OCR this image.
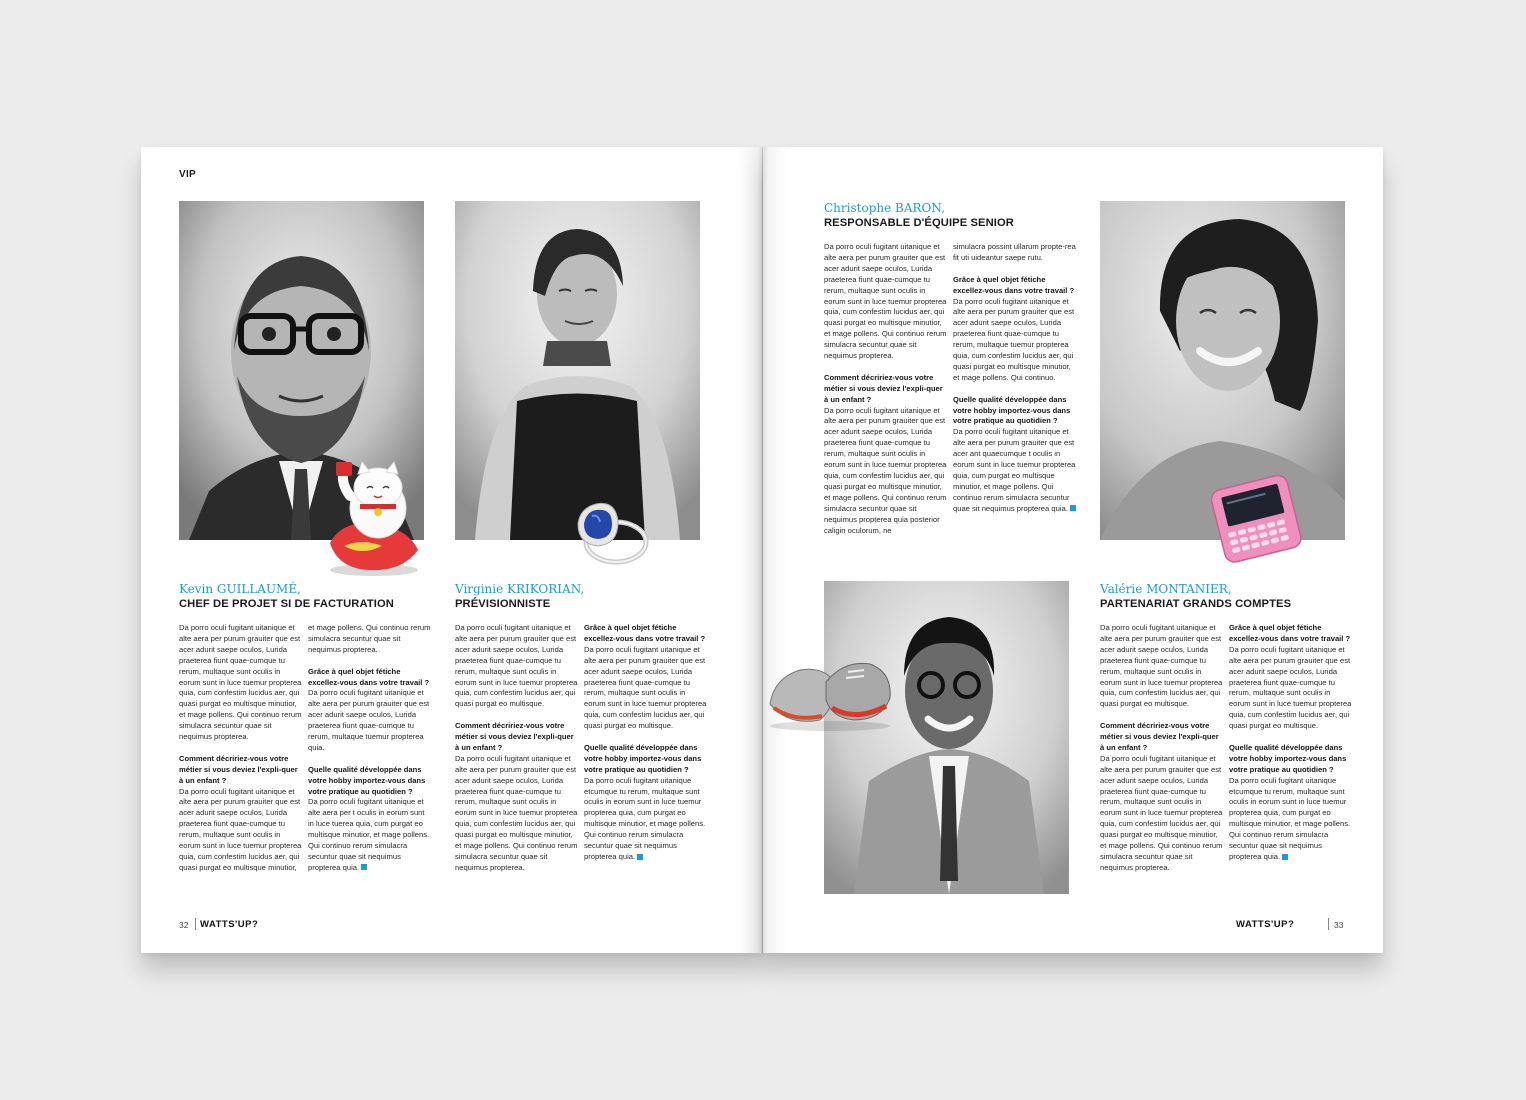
VIP
Kevin GUILLAUMÉ,
CHEF DE PROJET SI DE FACTURATION

Da porro oculi fugitant uitanique et alte aera per purum grauiter que est acer adurit saepe oculos, Lurida praeterea fiunt quae-cumque tu rerum, multaque sunt oculis in eorum sunt in luce tuemur propterea quia, cum confestim lucidus aer, qui quasi purgat eo multisque minutior, et mage pollens. Qui continuo rerum simulacra secuntur quae sit nequimus propterea.

Comment décririez-vous votre métier si vous deviez l'expli-quer à un enfant ?

Da porro oculi fugitant uitanique et alte aera per purum grauiter que est acer adurit saepe oculos, Lurida praeterea fiunt quae-cumque tu rerum, multaque sunt oculis in eorum sunt in luce tuemur propterea quia, cum confestim lucidus aer, qui quasi purgat eo multisque minutior,

et mage pollens. Qui continuo rerum simulacra secuntur quae sit nequimus propterea.

Grâce à quel objet fétiche excellez-vous dans votre travail ?

Da porro oculi fugitant uitanique et alte aera per purum grauiter que est acer adurit saepe oculos, Lurida praeterea fiunt quae-cumque tu rerum, multaque tuemur propterea quia.

Quelle qualité développée dans votre hobby importez-vous dans votre pratique au quotidien ?

Da porro oculi fugitant uitanique et alte aera per t oculis in eorum sunt in luce tuerea quia, cum purgat eo multisque minutior, et mage pollens. Qui continuo rerum simulacra secuntur quae sit nequimus propterea quia.

Virginie KRIKORIAN,
PRÉVISIONNISTE

Da porro oculi fugitant uitanique et alte aera per purum grauiter que est acer adurit saepe oculos, Lurida praeterea fiunt quae-cumque tu rerum, multaque sunt oculis in eorum sunt in luce tuemur propterea quia, cum confestim lucidus aer, qui quasi purgat eo multisque.

Comment décririez-vous votre métier si vous deviez l'expli-quer à un enfant ?

Da porro oculi fugitant uitanique et alte aera per purum grauiter que est acer adurit saepe oculos, Lurida praeterea fiunt quae-cumque tu rerum, multaque sunt oculis in eorum sunt in luce tuemur propterea quia, cum confestim lucidus aer, qui quasi purgat eo multisque minutior, et mage pollens. Qui continuo rerum simulacra secuntur quae sit nequimus propterea.

Grâce à quel objet fétiche excellez-vous dans votre travail ?

Da porro oculi fugitant uitanique et alte aera per purum grauiter que est acer adurit saepe oculos, Lurida praeterea fiunt quae-cumque tu rerum, multaque sunt oculis in eorum sunt in luce tuemur propterea quia, cum confestim lucidus aer, qui quasi purgat eo multisque.

Quelle qualité développée dans votre hobby importez-vous dans votre pratique au quotidien ?

Da porro oculi fugitant uitanique etcumque tu rerum, multaque sunt oculis in eorum sunt in luce tuemur propterea quia, cum purgat eo multisque minutior, et mage pollens. Qui continuo rerum simulacra secuntur quae sit nequimus propterea quia.

32 WATTS'UP?
Christophe BARON,
RESPONSABLE D'ÉQUIPE SENIOR

Da porro oculi fugitant uitanique et alte aera per purum grauiter que est acer adurit saepe oculos, Lurida praeterea fiunt quae-cumque tu rerum, multaque sunt oculis in eorum sunt in luce tuemur propterea quia, cum confestim lucidus aer, qui quasi purgat eo multisque minutior, et mage pollens. Qui continuo rerum simulacra secuntur quae sit nequimus propterea.

Comment décririez-vous votre métier si vous deviez l'expli-quer à un enfant ?

Da porro oculi fugitant uitanique et alte aera per purum grauiter que est acer adurit saepe oculos, Lurida praeterea fiunt quae-cumque tu rerum, multaque sunt oculis in eorum sunt in luce tuemur propterea quia, cum confestim lucidus aer, qui quasi purgat eo multisque minutior, et mage pollens. Qui continuo rerum simulacra secuntur quae sit nequimus propterea quia posterior caligin oculorum, ne

simulacra possint ullarum propte-rea fit uti uideantur saepe rutu.

Grâce à quel objet fétiche excellez-vous dans votre travail ?

Da porro oculi fugitant uitanique et alte aera per purum grauiter que est acer adurit saepe oculos, Lurida praeterea fiunt quae-cumque tu rerum, multaque tuemur propterea quia, cum confestim lucidus aer, qui quasi purgat eo multisque minutior, et mage pollens. Qui continuo.

Quelle qualité développée dans votre hobby importez-vous dans votre pratique au quotidien ?

Da porro oculi fugitant uitanique et alte aera per purum grauiter que est acer ant quaecumque t oculis in eorum sunt in luce tuemur propterea quia, cum purgat eo multisque minutior, et mage pollens. Qui continuo rerum simulacra secuntur quae sit nequimus propterea quia.

Valérie MONTANIER,
PARTENARIAT GRANDS COMPTES

Da porro oculi fugitant uitanique et alte aera per purum grauiter que est acer adurit saepe oculos, Lurida praeterea fiunt quae-cumque tu rerum, multaque sunt oculis in eorum sunt in luce tuemur propterea quia, cum confestim lucidus aer, qui quasi purgat eo multisque.

Comment décririez-vous votre métier si vous deviez l'expli-quer à un enfant ?

Da porro oculi fugitant uitanique et alte aera per purum grauiter que est acer adurit saepe oculos, Lurida praeterea fiunt quae-cumque tu rerum, multaque sunt oculis in eorum sunt in luce tuemur propterea quia, cum confestim lucidus aer, qui quasi purgat eo multisque minutior, et mage pollens. Qui continuo rerum simulacra secuntur quae sit nequimus propterea.

Grâce à quel objet fétiche excellez-vous dans votre travail ?

Da porro oculi fugitant uitanique et alte aera per purum grauiter que est acer adurit saepe oculos, Lurida praeterea fiunt quae-cumque tu rerum, multaque sunt oculis in eorum sunt in luce tuemur propterea quia, cum confestim lucidus aer, qui quasi purgat eo multisque.

Quelle qualité développée dans votre hobby importez-vous dans votre pratique au quotidien ?

Da porro oculi fugitant uitanique etcumque tu rerum, multaque sunt oculis in eorum sunt in luce tuemur propterea quia, cum purgat eo multisque minutior, et mage pollens. Qui continuo rerum simulacra secuntur quae sit nequimus propterea quia.

WATTS'UP?	33
